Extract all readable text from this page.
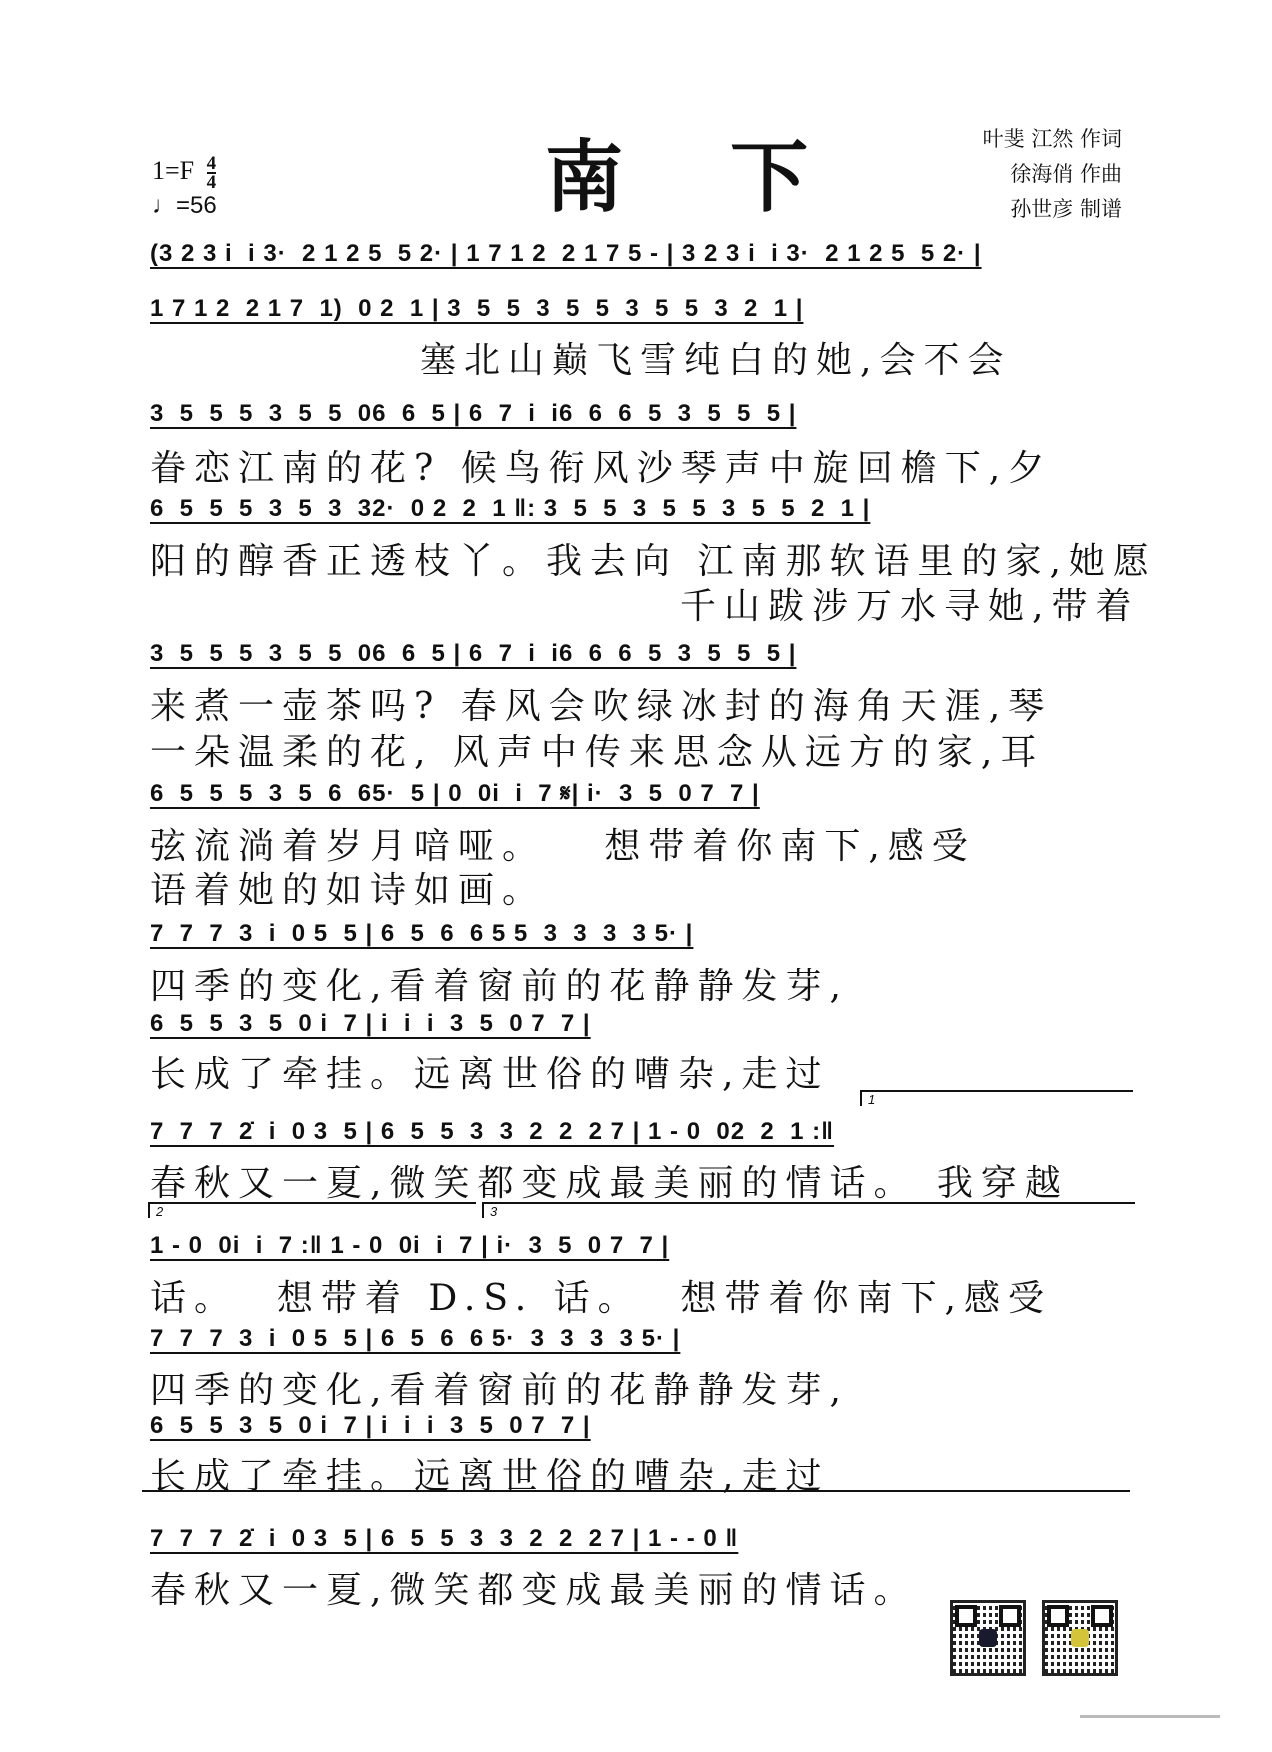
南 下
$1=F \frac{4}{4}$
♩=56
叶斐 江然 作词
徐海俏 作曲
孙世彦 制谱
(3 2 3 i  i 3·  2 1 2 5  5 2· | 1 7 1 2  2 1 7 5 - | 3 2 3 i  i 3·  2 1 2 5  5 2· |
1 7 1 2  2 1 7  1)  0 2  1 | 3  5  5  3  5  5  3  5  5  3  2  1 |
塞北山巅飞雪纯白的她,会不会
3  5  5  5  3  5  5  06  6  5 | 6  7  i  i6  6  6  5  3  5  5  5 |
眷恋江南的花? 候鸟衔风沙琴声中旋回檐下,夕
6  5  5  5  3  5  3  32·  0 2  2  1 ‖: 3  5  5  3  5  5  3  5  5  2  1 |
阳的醇香正透枝丫。我去向 江南那软语里的家,她愿
千山跋涉万水寻她,带着
3  5  5  5  3  5  5  06  6  5 | 6  7  i  i6  6  6  5  3  5  5  5 |
来煮一壶茶吗? 春风会吹绿冰封的海角天涯,琴
一朵温柔的花, 风声中传来思念从远方的家,耳
6  5  5  5  3  5  6  65·  5 | 0  0i  i  7 𝄋| i·  3  5  0 7  7 |
弦流淌着岁月喑哑。   想带着你南下,感受
语着她的如诗如画。
7  7  7  3  i  0 5  5 | 6  5  6  6 5 5  3  3  3  3 5· |
四季的变化,看着窗前的花静静发芽,
6  5  5  3  5  0 i  7 | i  i  i  3  5  0 7  7 |
长成了牵挂。远离世俗的嘈杂,走过
1
7  7  7  2̇  i  0 3  5 | 6  5  5  3  3  2  2  2 7 | 1 - 0  02  2  1 :‖
春秋又一夏,微笑都变成最美丽的情话。 我穿越
2	3
1 - 0  0i  i  7 :‖ 1 - 0  0i  i  7 | i·  3  5  0 7  7 |
话。  想带着 D.S. 话。  想带着你南下,感受
7  7  7  3  i  0 5  5 | 6  5  6  6 5·  3  3  3  3 5· |
四季的变化,看着窗前的花静静发芽,
6  5  5  3  5  0 i  7 | i  i  i  3  5  0 7  7 |
长成了牵挂。远离世俗的嘈杂,走过
7  7  7  2̇  i  0 3  5 | 6  5  5  3  3  2  2  2 7 | 1 - - 0 ‖
春秋又一夏,微笑都变成最美丽的情话。
